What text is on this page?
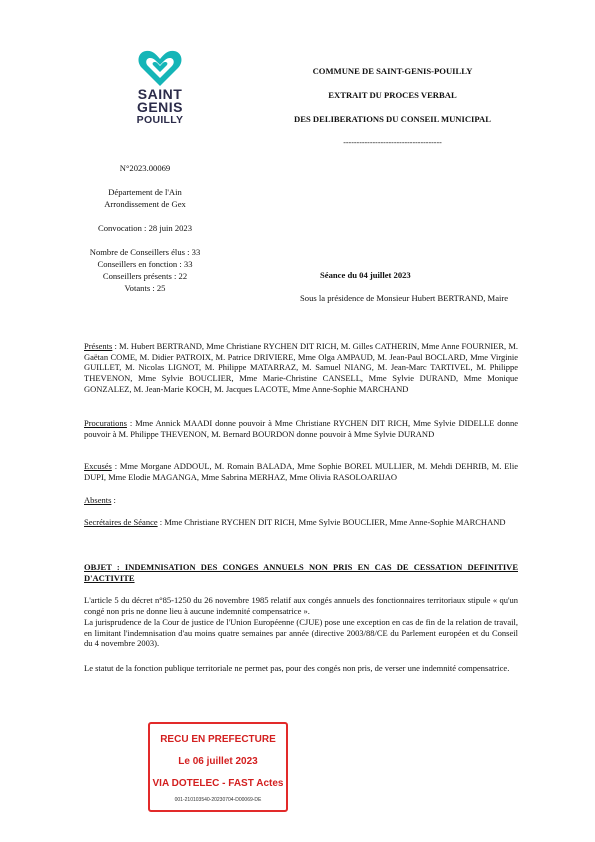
SAINT
GENIS
POUILLY
COMMUNE DE SAINT-GENIS-POUILLY
EXTRAIT DU PROCES VERBAL
DES DELIBERATIONS DU CONSEIL MUNICIPAL
-------------------------------------
N°2023.00069
Département de l'Ain
Arrondissement de Gex
Convocation : 28 juin 2023
Nombre de Conseillers élus : 33
Conseillers en fonction : 33
Conseillers présents : 22
Votants : 25
Séance du 04 juillet 2023
Sous la présidence de Monsieur Hubert BERTRAND, Maire
Présents : M. Hubert BERTRAND, Mme Christiane RYCHEN DIT RICH, M. Gilles CATHERIN, Mme Anne FOURNIER, M. Gaëtan COME, M. Didier PATROIX, M. Patrice DRIVIERE, Mme Olga AMPAUD, M. Jean-Paul BOCLARD, Mme Virginie GUILLET, M. Nicolas LIGNOT, M. Philippe MATARRAZ, M. Samuel NIANG, M. Jean-Marc TARTIVEL, M. Philippe THEVENON, Mme Sylvie BOUCLIER, Mme Marie-Christine CANSELL, Mme Sylvie DURAND, Mme Monique GONZALEZ, M. Jean-Marie KOCH, M. Jacques LACOTE, Mme Anne-Sophie MARCHAND
Procurations : Mme Annick MAADI donne pouvoir à Mme Christiane RYCHEN DIT RICH, Mme Sylvie DIDELLE donne pouvoir à M. Philippe THEVENON, M. Bernard BOURDON donne pouvoir à Mme Sylvie DURAND
Excusés : Mme Morgane ADDOUL, M. Romain BALADA, Mme Sophie BOREL MULLIER, M. Mehdi DEHRIB, M. Elie DUPI, Mme Elodie MAGANGA, Mme Sabrina MERHAZ, Mme Olivia RASOLOARIJAO
Absents :
Secrétaires de Séance : Mme Christiane RYCHEN DIT RICH, Mme Sylvie BOUCLIER, Mme Anne-Sophie MARCHAND
OBJET : INDEMNISATION DES CONGES ANNUELS NON PRIS EN CAS DE CESSATION DEFINITIVE D'ACTIVITE
L'article 5 du décret n°85-1250 du 26 novembre 1985 relatif aux congés annuels des fonctionnaires territoriaux stipule « qu'un congé non pris ne donne lieu à aucune indemnité compensatrice ».
La jurisprudence de la Cour de justice de l'Union Européenne (CJUE) pose une exception en cas de fin de la relation de travail, en limitant l'indemnisation d'au moins quatre semaines par année (directive 2003/88/CE du Parlement européen et du Conseil du 4 novembre 2003).
Le statut de la fonction publique territoriale ne permet pas, pour des congés non pris, de verser une indemnité compensatrice.
RECU EN PREFECTURE
Le 06 juillet 2023
VIA DOTELEC - FAST Actes
001-210103540-20230704-D00069-DE
